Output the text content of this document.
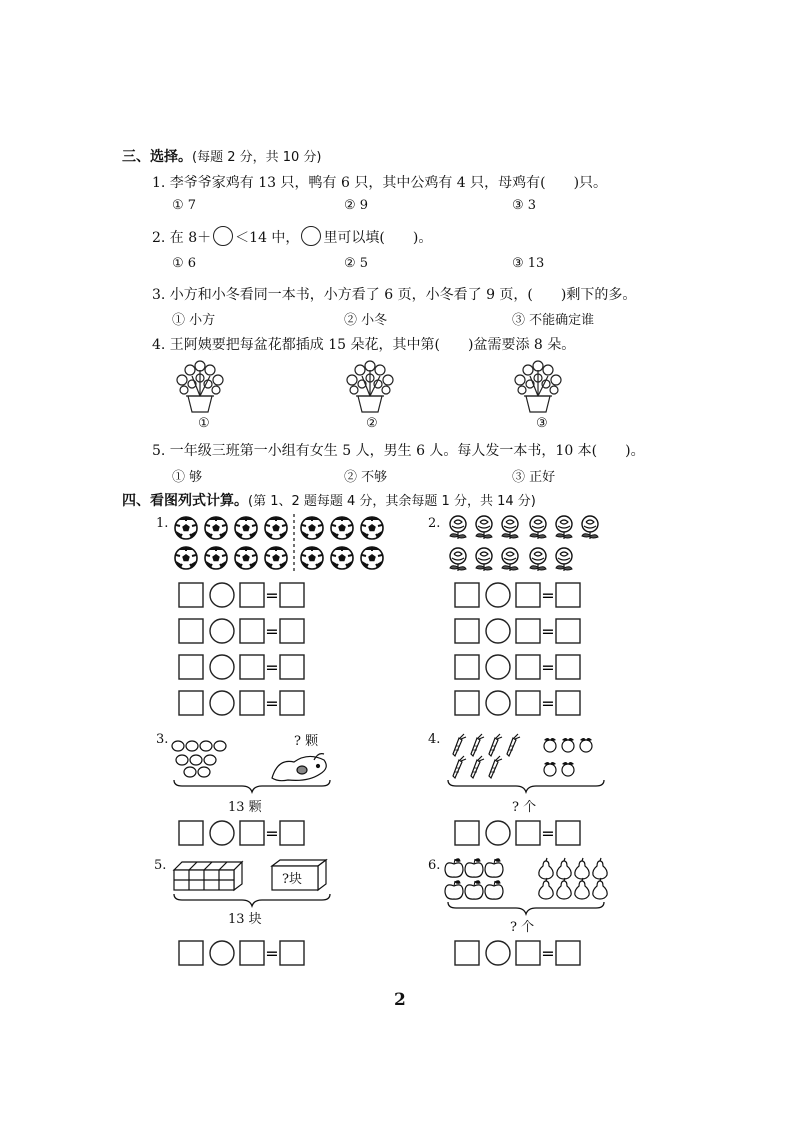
三、选择。(每题 2 分，共 10 分)
1. 李爷爷家鸡有 13 只，鸭有 6 只，其中公鸡有 4 只，母鸡有(　　)只。
① 7	② 9	③ 3
2. 在 8＋ ＜14 中， 里可以填(　　)。
① 6	② 5	③ 13
3. 小方和小冬看同一本书，小方看了 6 页，小冬看了 9 页，(　　)剩下的多。
① 小方	② 小冬	③ 不能确定谁
4. 王阿姨要把每盆花都插成 15 朵花，其中第(　　)盆需要添 8 朵。
①	②	③
5. 一年级三班第一小组有女生 5 人，男生 6 人。每人发一本书，10 本(　　)。
① 够	② 不够	③ 正好
四、看图列式计算。(第 1、2 题每题 4 分，其余每题 1 分，共 14 分)
1.	2.
=	=
=	=
=	=
=	=
=	=
=	=
3.	? 颗
13 颗
4.
? 个
5.
?块
13 块
6.
? 个
2
